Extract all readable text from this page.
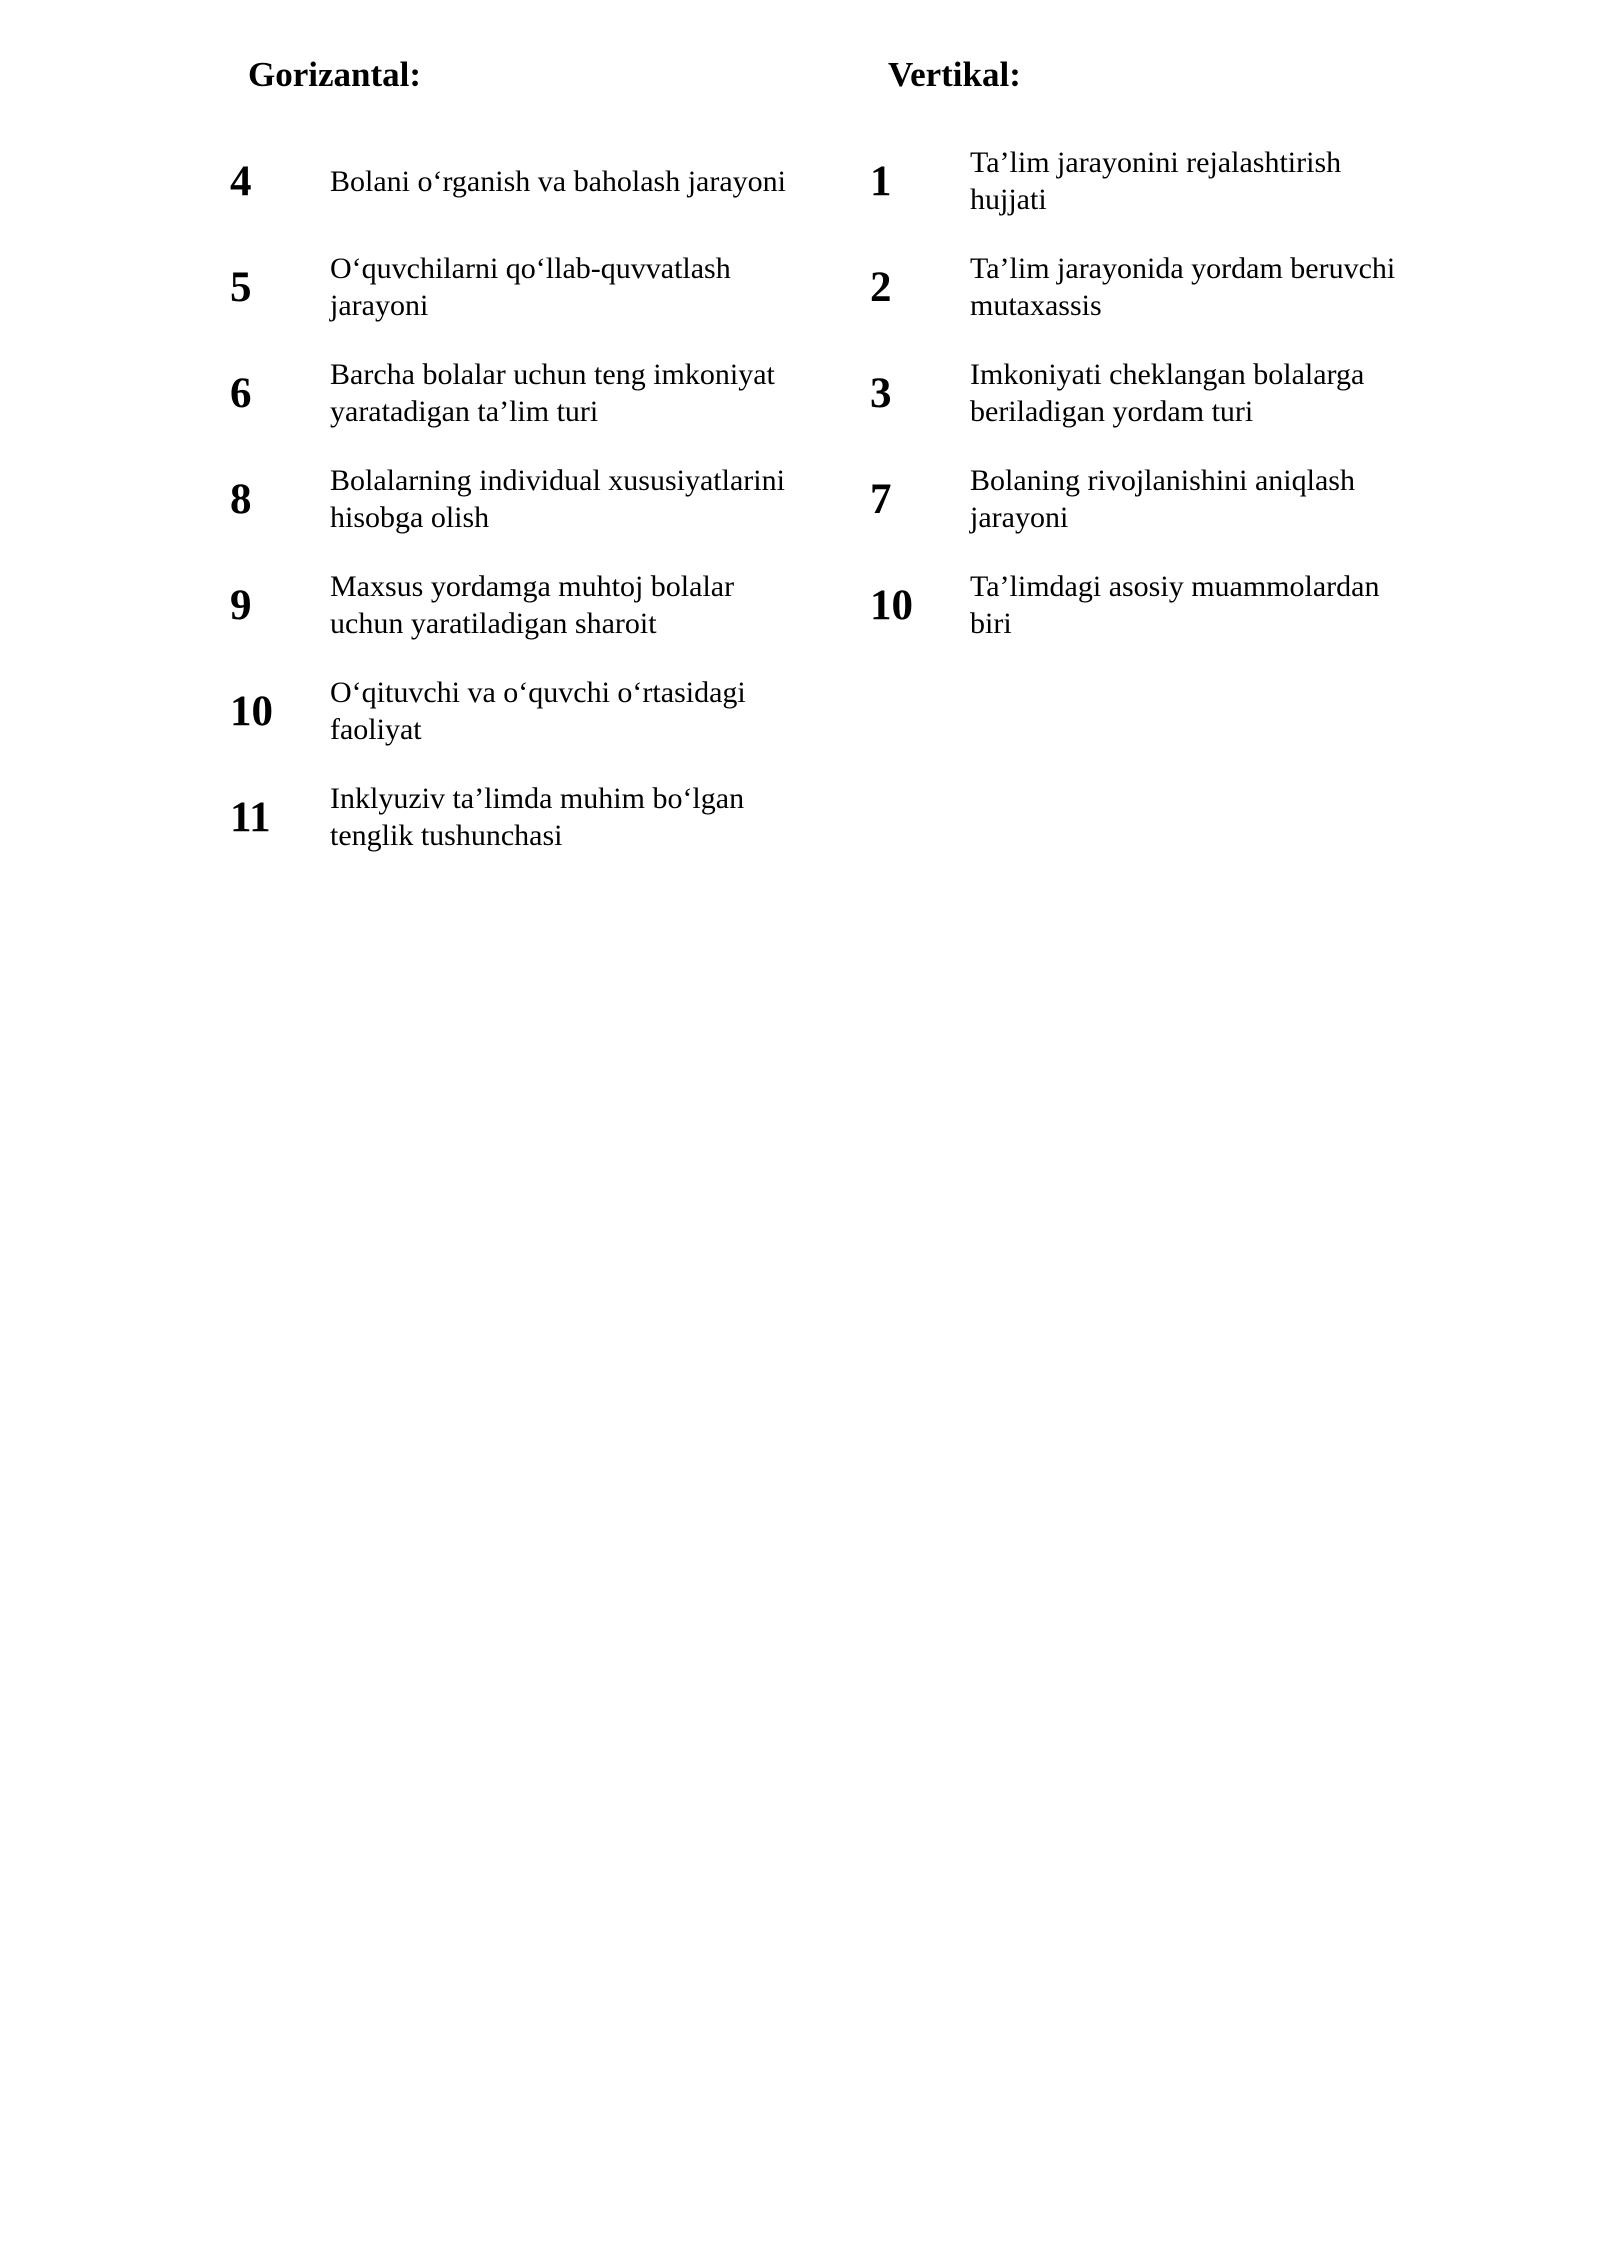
Gorizantal:
4	Bolani o‘rganish va baholash jarayoni
5	O‘quvchilarni qo‘llab-quvvatlash
jarayoni
6	Barcha bolalar uchun teng imkoniyat
yaratadigan ta’lim turi
8	Bolalarning individual xususiyatlarini
hisobga olish
9	Maxsus yordamga muhtoj bolalar
uchun yaratiladigan sharoit
10	O‘qituvchi va o‘quvchi o‘rtasidagi
faoliyat
11	Inklyuziv ta’limda muhim bo‘lgan
tenglik tushunchasi
Vertikal:
1	Ta’lim jarayonini rejalashtirish
hujjati
2	Ta’lim jarayonida yordam beruvchi
mutaxassis
3	Imkoniyati cheklangan bolalarga
beriladigan yordam turi
7	Bolaning rivojlanishini aniqlash
jarayoni
10	Ta’limdagi asosiy muammolardan
biri
